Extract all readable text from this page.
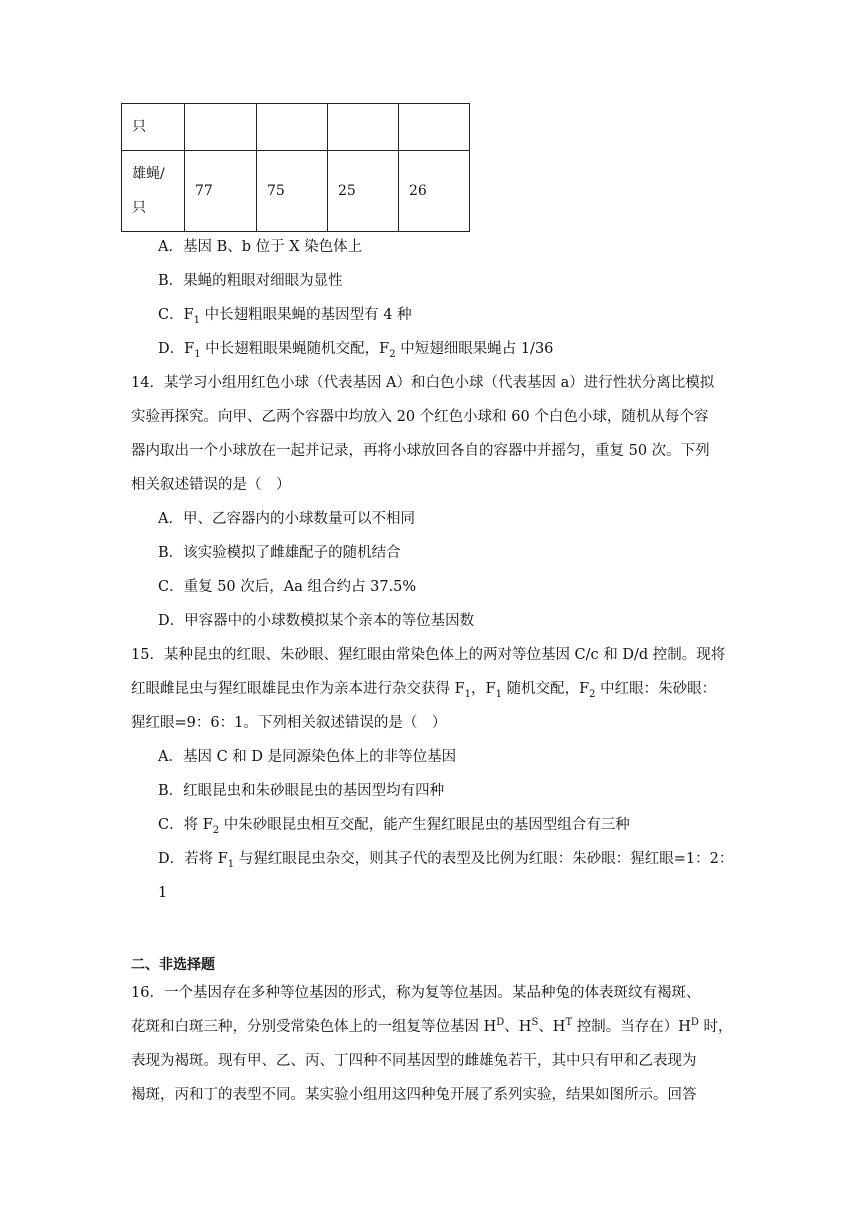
只				
雄蝇/
只	77	75	25	26
A．基因 B、b 位于 X 染色体上
B．果蝇的粗眼对细眼为显性
C．$F_1$ 中长翅粗眼果蝇的基因型有 4 种
D．$F_1$ 中长翅粗眼果蝇随机交配，$F_2$ 中短翅细眼果蝇占 1/36
14．某学习小组用红色小球（代表基因 A）和白色小球（代表基因 a）进行性状分离比模拟
实验再探究。向甲、乙两个容器中均放入 20 个红色小球和 60 个白色小球，随机从每个容
器内取出一个小球放在一起并记录，再将小球放回各自的容器中并摇匀，重复 50 次。下列
相关叙述错误的是（　）
A．甲、乙容器内的小球数量可以不相同
B．该实验模拟了雌雄配子的随机结合
C．重复 50 次后，Aa 组合约占 37.5%
D．甲容器中的小球数模拟某个亲本的等位基因数
15．某种昆虫的红眼、朱砂眼、猩红眼由常染色体上的两对等位基因 C/c 和 D/d 控制。现将
红眼雌昆虫与猩红眼雄昆虫作为亲本进行杂交获得 $F_1$，$F_1$ 随机交配，$F_2$ 中红眼：朱砂眼：
猩红眼=9：6：1。下列相关叙述错误的是（　）
A．基因 C 和 D 是同源染色体上的非等位基因
B．红眼昆虫和朱砂眼昆虫的基因型均有四种
C．将 $F_2$ 中朱砂眼昆虫相互交配，能产生猩红眼昆虫的基因型组合有三种
D．若将 $F_1$ 与猩红眼昆虫杂交，则其子代的表型及比例为红眼：朱砂眼：猩红眼=1：2：
1
二、非选择题
16．一个基因存在多种等位基因的形式，称为复等位基因。某品种兔的体表斑纹有褐斑、
花斑和白斑三种，分别受常染色体上的一组复等位基因 $H^D$、$H^S$、$H^T$ 控制。当存在）$H^D$ 时，
表现为褐斑。现有甲、乙、丙、丁四种不同基因型的雌雄兔若干，其中只有甲和乙表现为
褐斑，丙和丁的表型不同。某实验小组用这四种兔开展了系列实验，结果如图所示。回答
